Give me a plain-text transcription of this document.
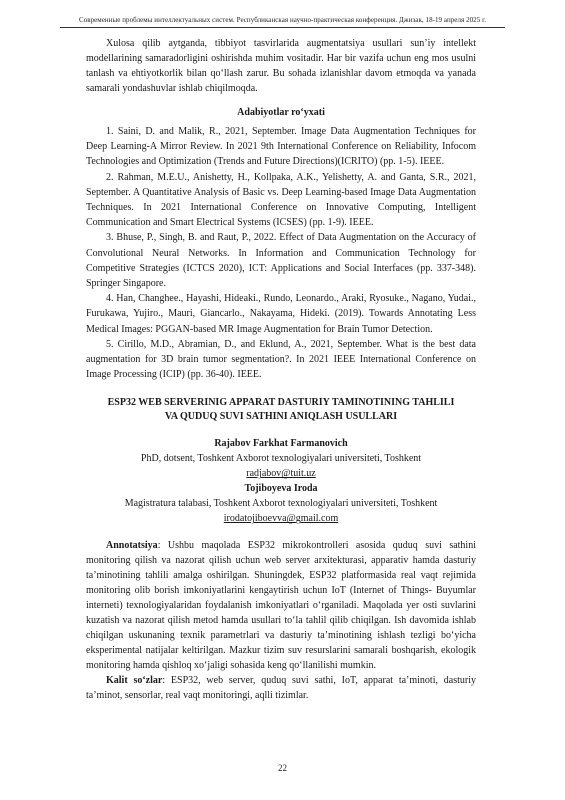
Современные проблемы интеллектуальных систем. Республиканская научно-практическая конференция. Джизак, 18-19 апреля 2025 г.

Xulosa qilib aytganda, tibbiyot tasvirlarida augmentatsiya usullari sun’iy intellekt modellarining samaradorligini oshirishda muhim vositadir. Har bir vazifa uchun eng mos usulni tanlash va ehtiyotkorlik bilan qo‘llash zarur. Bu sohada izlanishlar davom etmoqda va yanada samarali yondashuvlar ishlab chiqilmoqda.

Adabiyotlar ro‘yxati

1. Saini, D. and Malik, R., 2021, September. Image Data Augmentation Techniques for Deep Learning-A Mirror Review. In 2021 9th International Conference on Reliability, Infocom Technologies and Optimization (Trends and Future Directions)(ICRITO) (pp. 1-5). IEEE.

2. Rahman, M.E.U., Anishetty, H., Kollpaka, A.K., Yelishetty, A. and Ganta, S.R., 2021, September. A Quantitative Analysis of Basic vs. Deep Learning-based Image Data Augmentation Techniques. In 2021 International Conference on Innovative Computing, Intelligent Communication and Smart Electrical Systems (ICSES) (pp. 1-9). IEEE.

3. Bhuse, P., Singh, B. and Raut, P., 2022. Effect of Data Augmentation on the Accuracy of Convolutional Neural Networks. In Information and Communication Technology for Competitive Strategies (ICTCS 2020), ICT: Applications and Social Interfaces (pp. 337-348). Springer Singapore.

4. Han, Changhee., Hayashi, Hideaki., Rundo, Leonardo., Araki, Ryosuke., Nagano, Yudai., Furukawa, Yujiro., Mauri, Giancarlo., Nakayama, Hideki. (2019). Towards Annotating Less Medical Images: PGGAN-based MR Image Augmentation for Brain Tumor Detection.

5. Cirillo, M.D., Abramian, D., and Eklund, A., 2021, September. What is the best data augmentation for 3D brain tumor segmentation?. In 2021 IEEE International Conference on Image Processing (ICIP) (pp. 36-40). IEEE.

ESP32 WEB SERVERINIG APPARAT DASTURIY TAMINOTINING TAHLILI
VA QUDUQ SUVI SATHINI ANIQLASH USULLARI

Rajabov Farkhat Farmanovich

PhD, dotsent, Toshkent Axborot texnologiyalari universiteti, Toshkent

radjabov@tuit.uz

Tojiboyeva Iroda

Magistratura talabasi, Toshkent Axborot texnologiyalari universiteti, Toshkent

irodatojiboevva@gmail.com

Annotatsiya: Ushbu maqolada ESP32 mikrokontrolleri asosida quduq suvi sathini monitoring qilish va nazorat qilish uchun web server arxitekturasi, apparativ hamda dasturiy ta’minotining tahlili amalga oshirilgan. Shuningdek, ESP32 platformasida real vaqt rejimida monitoring olib borish imkoniyatlarini kengaytirish uchun IoT (Internet of Things- Buyumlar interneti) texnologiyalaridan foydalanish imkoniyatlari o‘rganiladi. Maqolada yer osti suvlarini kuzatish va nazorat qilish metod hamda usullari to‘la tahlil qilib chiqilgan. Ish davomida ishlab chiqilgan uskunaning texnik parametrlari va dasturiy ta’minotining ishlash tezligi bo‘yicha eksperimental natijalar keltirilgan. Mazkur tizim suv resurslarini samarali boshqarish, ekologik monitoring hamda qishloq xo‘jaligi sohasida keng qo‘llanilishi mumkin.

Kalit so‘zlar: ESP32, web server, quduq suvi sathi, IoT, apparat ta’minoti, dasturiy ta’minot, sensorlar, real vaqt monitoringi, aqlli tizimlar.

22
